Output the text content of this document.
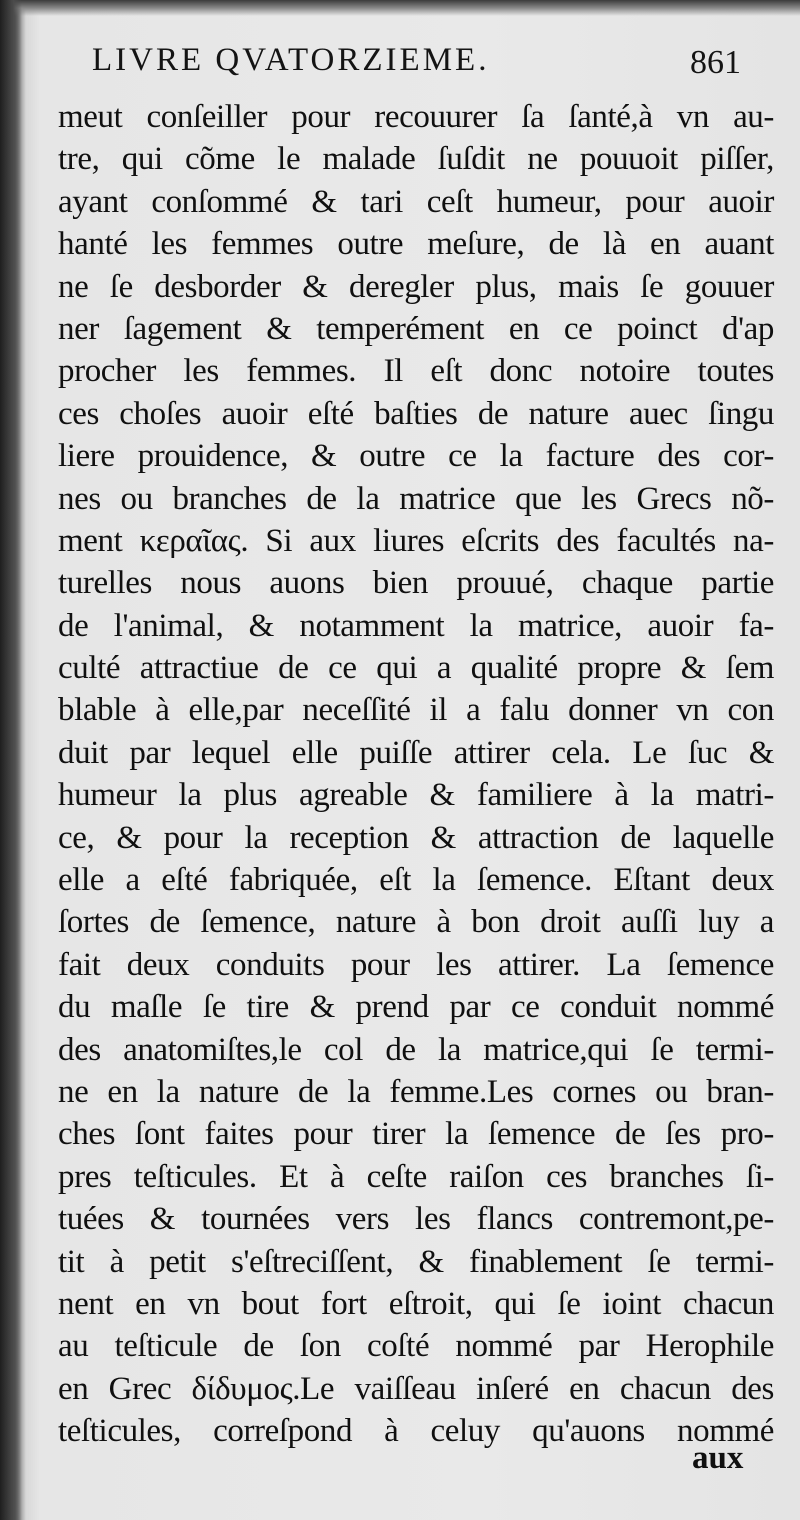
LIVRE QVATORZIEME.	861
meut conſeiller pour recouurer ſa ſanté,à vn au-
tre, qui cõme le malade ſuſdit ne pouuoit piſſer,
ayant conſommé & tari ceſt humeur, pour auoir
hanté les femmes outre meſure, de là en auant
ne ſe desborder & deregler plus, mais ſe gouuer
ner ſagement & temperément en ce poinct d'ap
procher les femmes. Il eſt donc notoire toutes
ces choſes auoir eſté baſties de nature auec ſingu
liere prouidence, & outre ce la facture des cor-
nes ou branches de la matrice que les Grecs nõ-
ment κεραῖας. Si aux liures eſcrits des facultés na-
turelles nous auons bien prouué, chaque partie
de l'animal, & notamment la matrice, auoir fa-
culté attractiue de ce qui a qualité propre & ſem
blable à elle,par neceſſité il a falu donner vn con
duit par lequel elle puiſſe attirer cela. Le ſuc &
humeur la plus agreable & familiere à la matri-
ce, & pour la reception & attraction de laquelle
elle a eſté fabriquée, eſt la ſemence. Eſtant deux
ſortes de ſemence, nature à bon droit auſſi luy a
fait deux conduits pour les attirer. La ſemence
du maſle ſe tire & prend par ce conduit nommé
des anatomiſtes,le col de la matrice,qui ſe termi-
ne en la nature de la femme.Les cornes ou bran-
ches ſont faites pour tirer la ſemence de ſes pro-
pres teſticules. Et à ceſte raiſon ces branches ſi-
tuées & tournées vers les flancs contremont,pe-
tit à petit s'eſtreciſſent, & finablement ſe termi-
nent en vn bout fort eſtroit, qui ſe ioint chacun
au teſticule de ſon coſté nommé par Herophile
en Grec δίδυμος.Le vaiſſeau inſeré en chacun des
teſticules, correſpond à celuy qu'auons nommé
aux
